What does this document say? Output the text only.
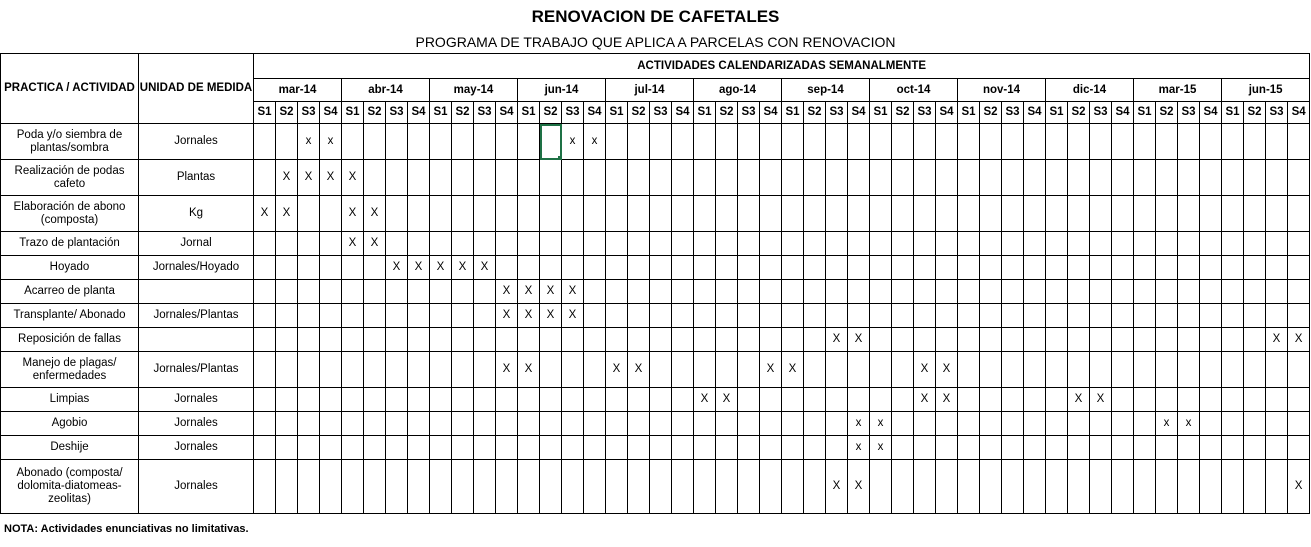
RENOVACION DE CAFETALES
PROGRAMA DE TRABAJO QUE APLICA A PARCELAS CON RENOVACION
PRACTICA / ACTIVIDAD	UNIDAD DE MEDIDA	ACTIVIDADES CALENDARIZADAS SEMANALMENTE																																															
		mar-14				abr-14				may-14				jun-14				jul-14				ago-14				sep-14				oct-14				nov-14				dic-14				mar-15				jun-15			
		S1	S2	S3	S4	S1	S2	S3	S4	S1	S2	S3	S4	S1	S2	S3	S4	S1	S2	S3	S4	S1	S2	S3	S4	S1	S2	S3	S4	S1	S2	S3	S4	S1	S2	S3	S4	S1	S2	S3	S4	S1	S2	S3	S4	S1	S2	S3	S4
Poda y/o siembra de plantas/sombra	Jornales			x	x											x	x																																
Realización de podas cafeto	Plantas		X	X	X	X																																											
Elaboración de abono (composta)	Kg	X	X			X	X																																										
Trazo de plantación	Jornal					X	X																																										
Hoyado	Jornales/Hoyado							X	X	X	X	X																																					
Acarreo de planta													X	X	X	X																																	
Transplante/ Abonado	Jornales/Plantas												X	X	X	X																																	
Reposición de fallas																												X	X																			X	X
Manejo de plagas/ enfermedades	Jornales/Plantas												X	X				X	X						X	X						X	X																
Limpias	Jornales																					X	X									X	X						X	X									
Agobio	Jornales																												x	x													x	x					
Deshije	Jornales																												x	x																			
Abonado (composta/ dolomita-diatomeas-zeolitas)	Jornales																											X	X																				X
NOTA: Actividades enunciativas no limitativas.
